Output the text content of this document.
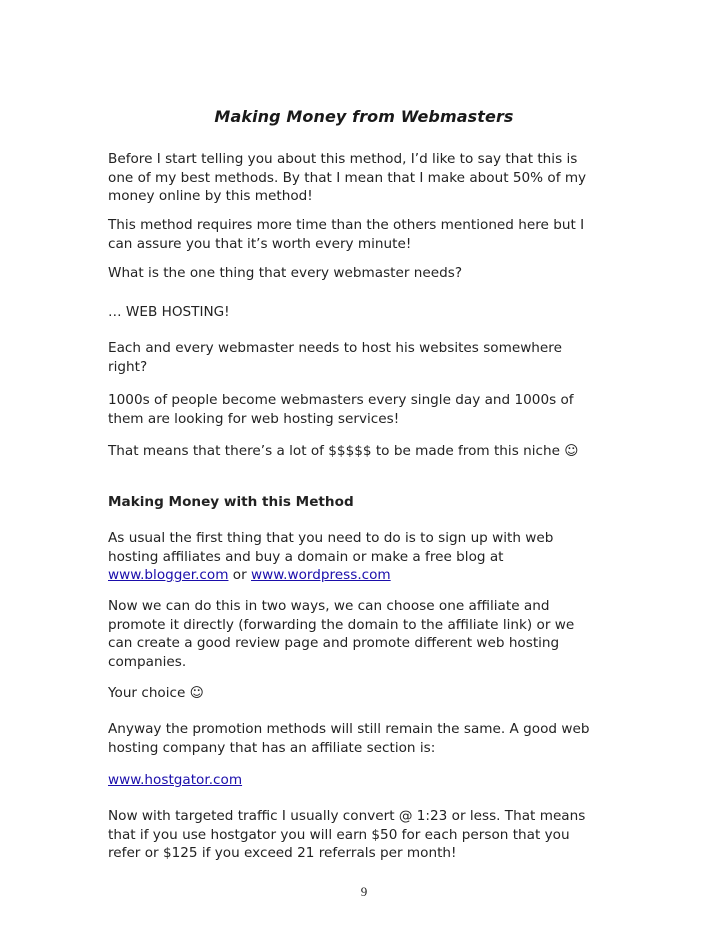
Making Money from Webmasters

Before I start telling you about this method, I’d like to say that this is
one of my best methods. By that I mean that I make about 50% of my
money online by this method!

This method requires more time than the others mentioned here but I
can assure you that it’s worth every minute!

What is the one thing that every webmaster needs?

… WEB HOSTING!

Each and every webmaster needs to host his websites somewhere
right?

1000s of people become webmasters every single day and 1000s of
them are looking for web hosting services!

That means that there’s a lot of $$$$$ to be made from this niche ☺

Making Money with this Method

As usual the first thing that you need to do is to sign up with web
hosting affiliates and buy a domain or make a free blog at
www.blogger.com or www.wordpress.com

Now we can do this in two ways, we can choose one affiliate and
promote it directly (forwarding the domain to the affiliate link) or we
can create a good review page and promote different web hosting
companies.

Your choice ☺

Anyway the promotion methods will still remain the same. A good web
hosting company that has an affiliate section is:

www.hostgator.com

Now with targeted traffic I usually convert @ 1:23 or less. That means
that if you use hostgator you will earn $50 for each person that you
refer or $125 if you exceed 21 referrals per month!

9
